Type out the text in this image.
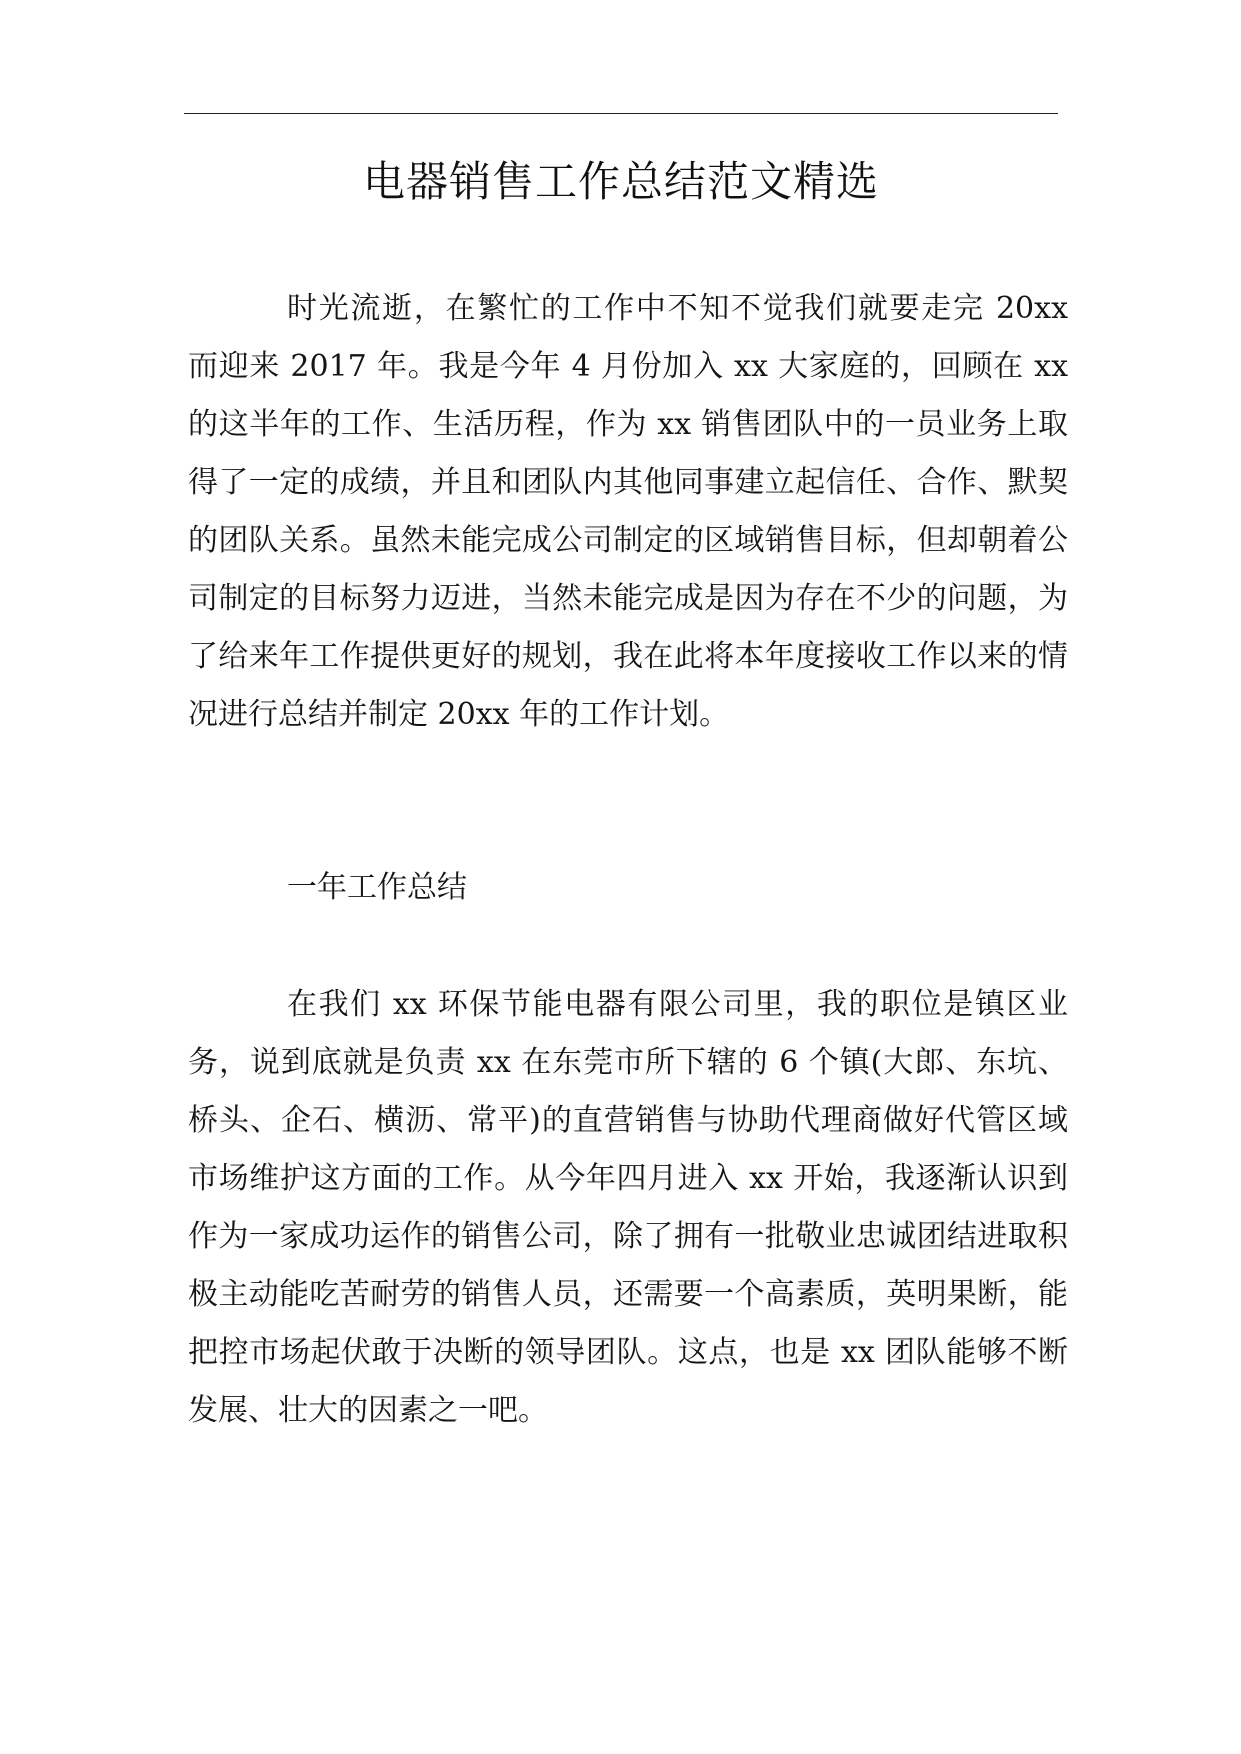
电器销售工作总结范文精选

时光流逝，在繁忙的工作中不知不觉我们就要走完 20xx 而迎来 2017 年。我是今年 4 月份加入 xx 大家庭的，回顾在 xx 的这半年的工作、生活历程，作为 xx 销售团队中的一员业务上取得了一定的成绩，并且和团队内其他同事建立起信任、合作、默契的团队关系。虽然未能完成公司制定的区域销售目标，但却朝着公司制定的目标努力迈进，当然未能完成是因为存在不少的问题，为了给来年工作提供更好的规划，我在此将本年度接收工作以来的情况进行总结并制定 20xx 年的工作计划。

一年工作总结

在我们 xx 环保节能电器有限公司里，我的职位是镇区业务，说到底就是负责 xx 在东莞市所下辖的 6 个镇(大郎、东坑、桥头、企石、横沥、常平)的直营销售与协助代理商做好代管区域市场维护这方面的工作。从今年四月进入 xx 开始，我逐渐认识到作为一家成功运作的销售公司，除了拥有一批敬业忠诚团结进取积极主动能吃苦耐劳的销售人员，还需要一个高素质，英明果断，能把控市场起伏敢于决断的领导团队。这点，也是 xx 团队能够不断发展、壮大的因素之一吧。
